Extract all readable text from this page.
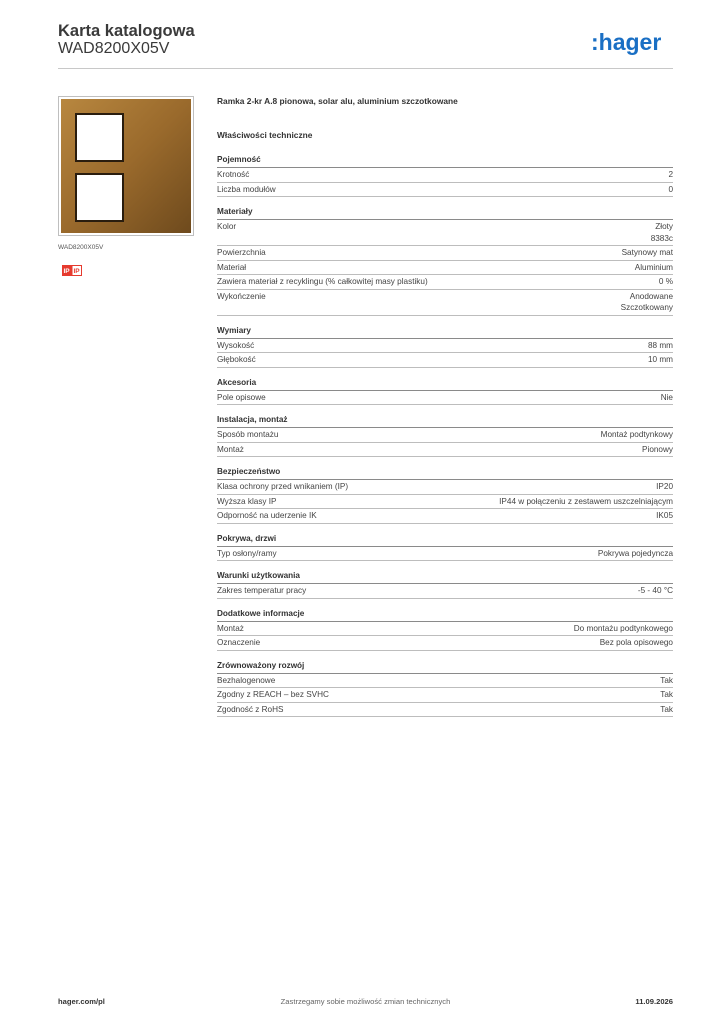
Karta katalogowa
WAD8200X05V	:hager
WAD8200X05V
IP IP
Ramka 2-kr A.8 pionowa, solar alu, aluminium szczotkowane
Właściwości techniczne
Pojemność
Krotność	2
Liczba modułów	0
Materiały
Kolor	Złoty
8383c
Powierzchnia	Satynowy mat
Materiał	Aluminium
Zawiera materiał z recyklingu (% całkowitej masy plastiku)	0 %
Wykończenie	Anodowane
Szczotkowany
Wymiary
Wysokość	88 mm
Głębokość	10 mm
Akcesoria
Pole opisowe	Nie
Instalacja, montaż
Sposób montażu	Montaż podtynkowy
Montaż	Pionowy
Bezpieczeństwo
Klasa ochrony przed wnikaniem (IP)	IP20
Wyższa klasy IP	IP44 w połączeniu z zestawem uszczelniającym
Odporność na uderzenie IK	IK05
Pokrywa, drzwi
Typ osłony/ramy	Pokrywa pojedyncza
Warunki użytkowania
Zakres temperatur pracy	-5 - 40 °C
Dodatkowe informacje
Montaż	Do montażu podtynkowego
Oznaczenie	Bez pola opisowego
Zrównoważony rozwój
Bezhalogenowe	Tak
Zgodny z REACH – bez SVHC	Tak
Zgodność z RoHS	Tak
hager.com/pl	Zastrzegamy sobie możliwość zmian technicznych	11.09.2026
